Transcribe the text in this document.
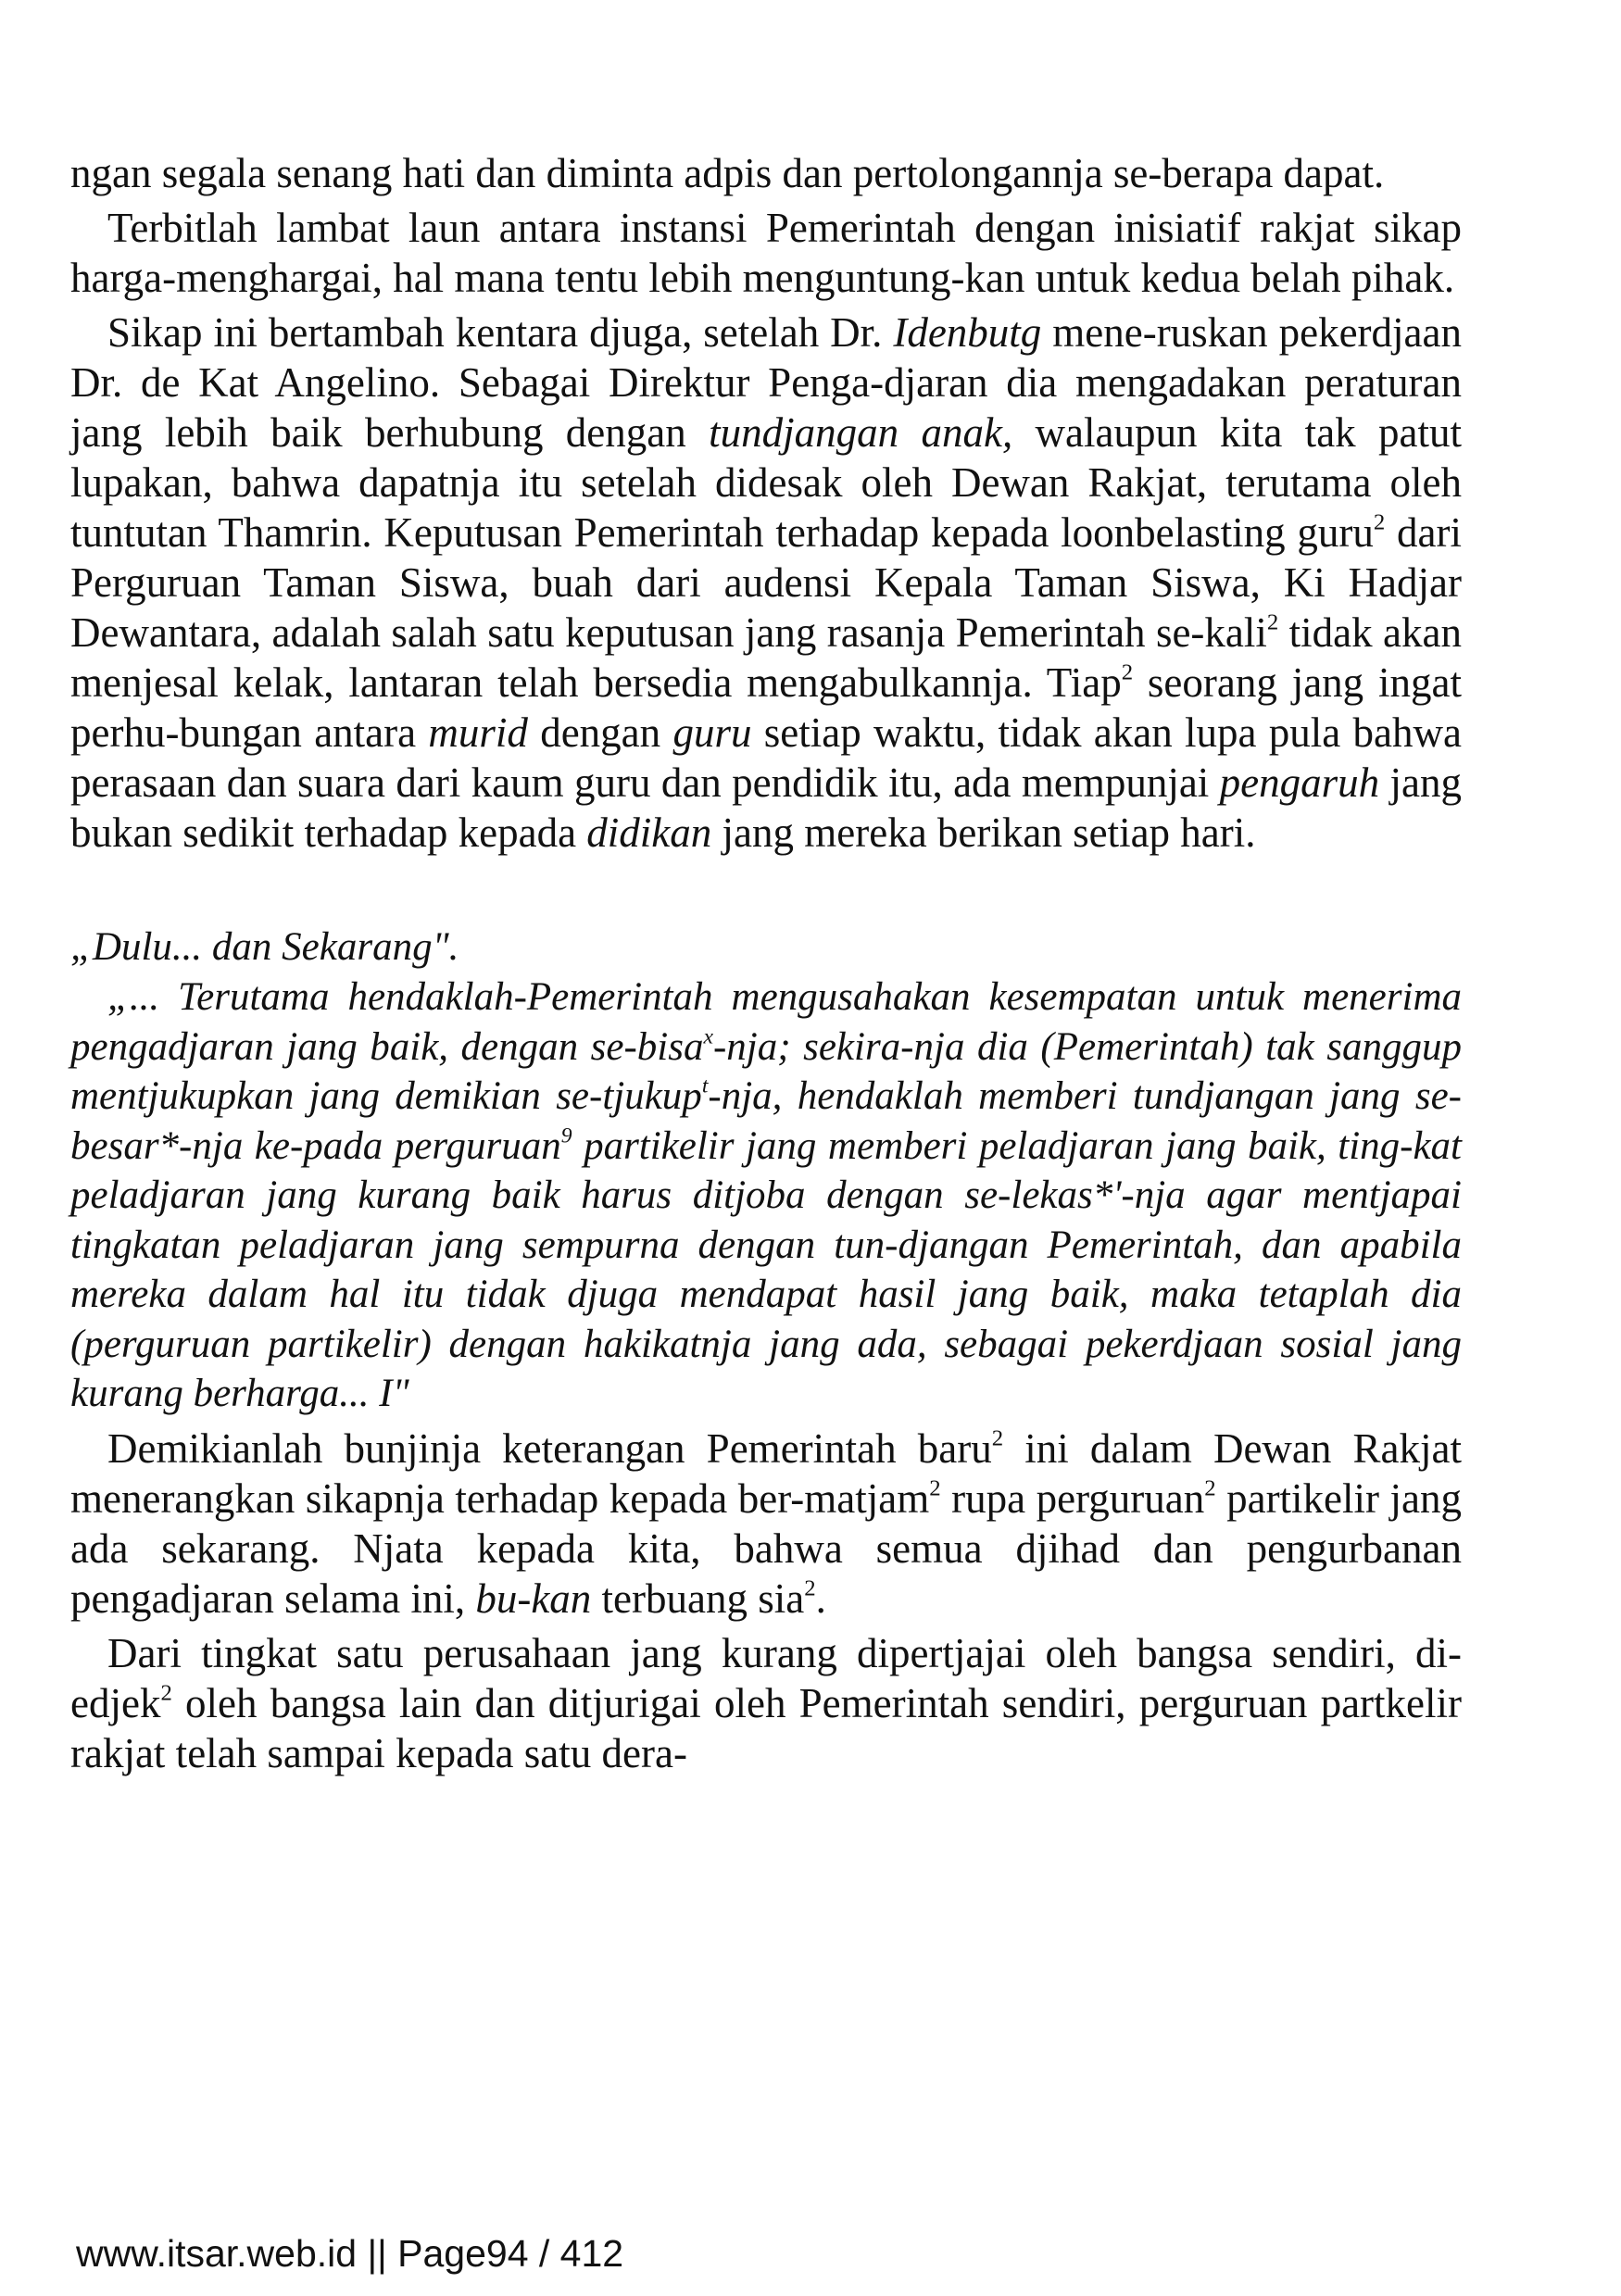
ngan segala senang hati dan diminta adpis dan pertolongannja se-berapa dapat.

Terbitlah lambat laun antara instansi Pemerintah dengan inisiatif rakjat sikap harga-menghargai, hal mana tentu lebih menguntung-kan untuk kedua belah pihak.

Sikap ini bertambah kentara djuga, setelah Dr. Idenbutg mene-ruskan pekerdjaan Dr. de Kat Angelino. Sebagai Direktur Penga-djaran dia mengadakan peraturan jang lebih baik berhubung dengan tundjangan anak, walaupun kita tak patut lupakan, bahwa dapatnja itu setelah didesak oleh Dewan Rakjat, terutama oleh tuntutan Thamrin. Keputusan Pemerintah terhadap kepada loonbelasting guru$^2$ dari Perguruan Taman Siswa, buah dari audensi Kepala Taman Siswa, Ki Hadjar Dewantara, adalah salah satu keputusan jang rasanja Pemerintah se-kali$^2$ tidak akan menjesal kelak, lantaran telah bersedia mengabulkannja. Tiap$^2$ seorang jang ingat perhu-bungan antara murid dengan guru setiap waktu, tidak akan lupa pula bahwa perasaan dan suara dari kaum guru dan pendidik itu, ada mempunjai pengaruh jang bukan sedikit terhadap kepada didikan jang mereka berikan setiap hari.

„Dulu... dan Sekarang".

„... Terutama hendaklah-Pemerintah mengusahakan kesempatan untuk menerima pengadjaran jang baik, dengan se-bisa$^x$-nja; sekira-nja dia (Pemerintah) tak sanggup mentjukupkan jang demikian se-tjukup$^t$-nja, hendaklah memberi tundjangan jang se-besar*-nja ke-pada perguruan$^9$ partikelir jang memberi peladjaran jang baik, ting-kat peladjaran jang kurang baik harus ditjoba dengan se-lekas*'-nja agar mentjapai tingkatan peladjaran jang sempurna dengan tun-djangan Pemerintah, dan apabila mereka dalam hal itu tidak djuga mendapat hasil jang baik, maka tetaplah dia (perguruan partikelir) dengan hakikatnja jang ada, sebagai pekerdjaan sosial jang kurang berharga... I"

Demikianlah bunjinja keterangan Pemerintah baru$^2$ ini dalam Dewan Rakjat menerangkan sikapnja terhadap kepada ber-matjam$^2$ rupa perguruan$^2$ partikelir jang ada sekarang. Njata kepada kita, bahwa semua djihad dan pengurbanan pengadjaran selama ini, bu-kan terbuang sia$^2$.

Dari tingkat satu perusahaan jang kurang dipertjajai oleh bangsa sendiri, di-edjek$^2$ oleh bangsa lain dan ditjurigai oleh Pemerintah sendiri, perguruan partkelir rakjat telah sampai kepada satu dera-

www.itsar.web.id || Page94 / 412
